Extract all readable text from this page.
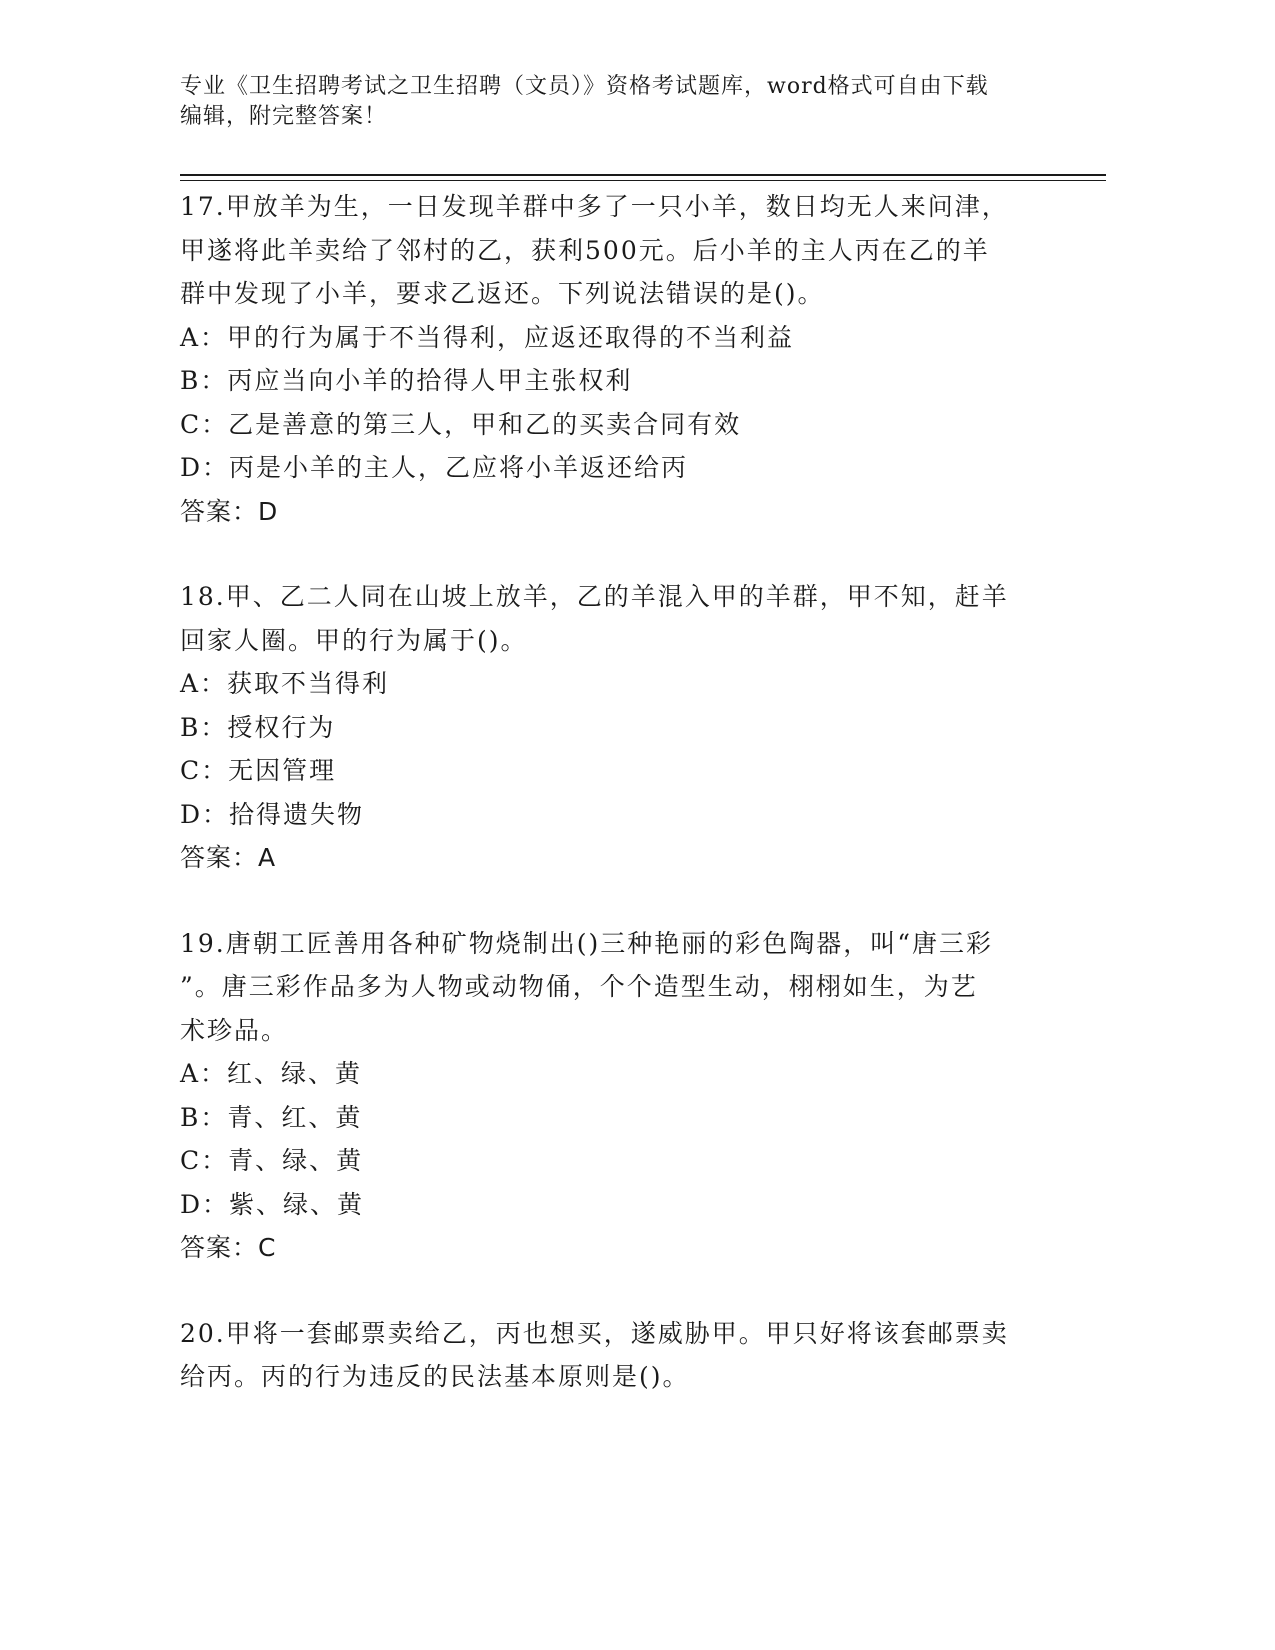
专业《卫生招聘考试之卫生招聘（文员）》资格考试题库，word格式可自由下载
编辑，附完整答案！
17.甲放羊为生，一日发现羊群中多了一只小羊，数日均无人来问津，
甲遂将此羊卖给了邻村的乙，获利500元。后小羊的主人丙在乙的羊
群中发现了小羊，要求乙返还。下列说法错误的是()。
A：甲的行为属于不当得利，应返还取得的不当利益
B：丙应当向小羊的拾得人甲主张权利
C：乙是善意的第三人，甲和乙的买卖合同有效
D：丙是小羊的主人，乙应将小羊返还给丙
答案：D
18.甲、乙二人同在山坡上放羊，乙的羊混入甲的羊群，甲不知，赶羊
回家人圈。甲的行为属于()。
A：获取不当得利
B：授权行为
C：无因管理
D：拾得遗失物
答案：A
19.唐朝工匠善用各种矿物烧制出()三种艳丽的彩色陶器，叫“唐三彩
”。唐三彩作品多为人物或动物俑，个个造型生动，栩栩如生，为艺
术珍品。
A：红、绿、黄
B：青、红、黄
C：青、绿、黄
D：紫、绿、黄
答案：C
20.甲将一套邮票卖给乙，丙也想买，遂威胁甲。甲只好将该套邮票卖
给丙。丙的行为违反的民法基本原则是()。
